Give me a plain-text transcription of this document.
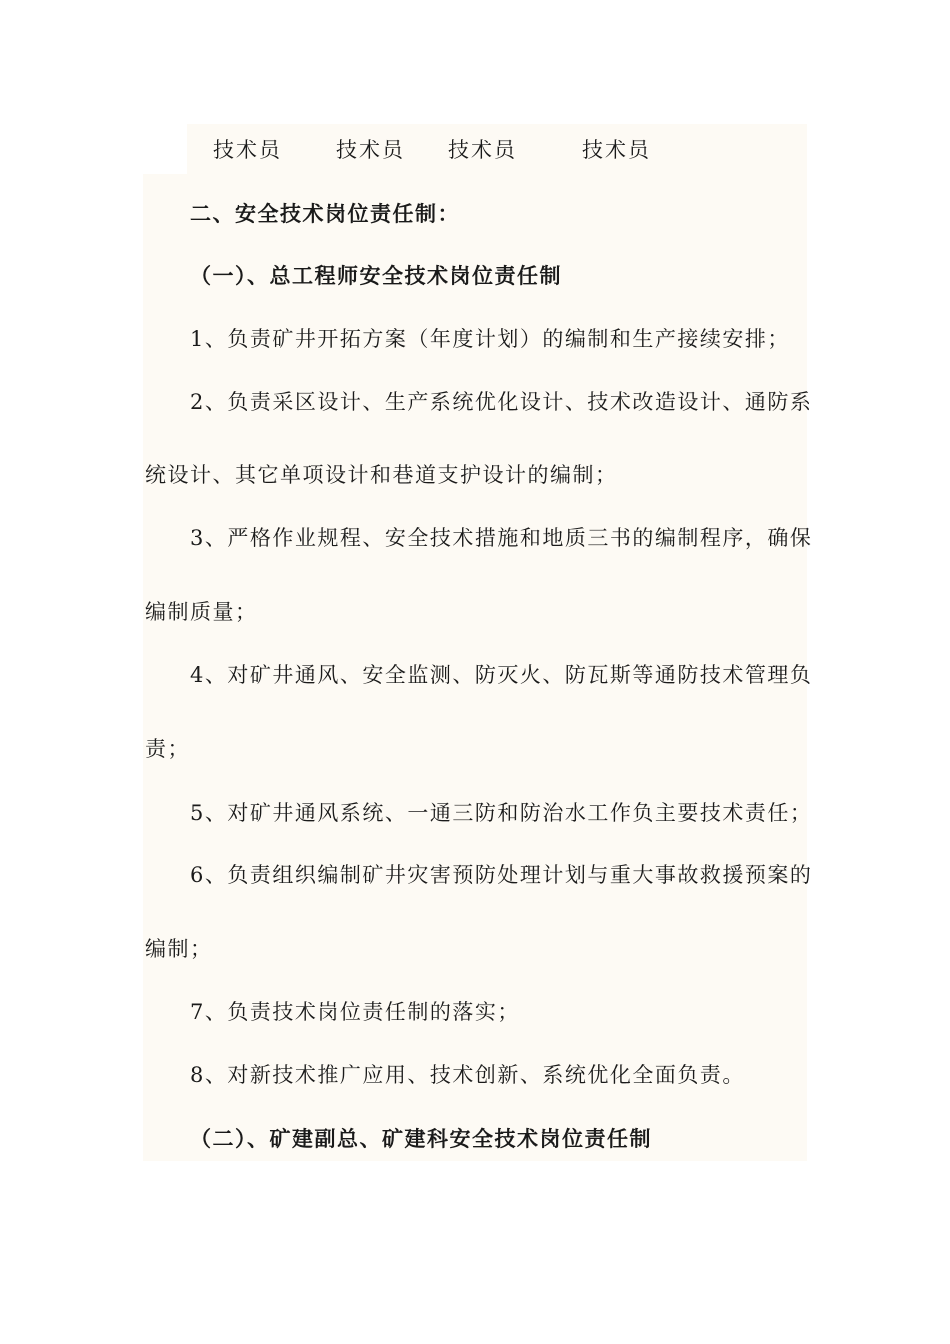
技术员	技术员 技术员	技术员
二、安全技术岗位责任制：
（一）、总工程师安全技术岗位责任制
1、负责矿井开拓方案（年度计划）的编制和生产接续安排；
2、负责采区设计、生产系统优化设计、技术改造设计、通防系
统设计、其它单项设计和巷道支护设计的编制；
3、严格作业规程、安全技术措施和地质三书的编制程序，确保
编制质量；
4、对矿井通风、安全监测、防灭火、防瓦斯等通防技术管理负
责；
5、对矿井通风系统、一通三防和防治水工作负主要技术责任；
6、负责组织编制矿井灾害预防处理计划与重大事故救援预案的
编制；
7、负责技术岗位责任制的落实；
8、对新技术推广应用、技术创新、系统优化全面负责。
（二）、矿建副总、矿建科安全技术岗位责任制
